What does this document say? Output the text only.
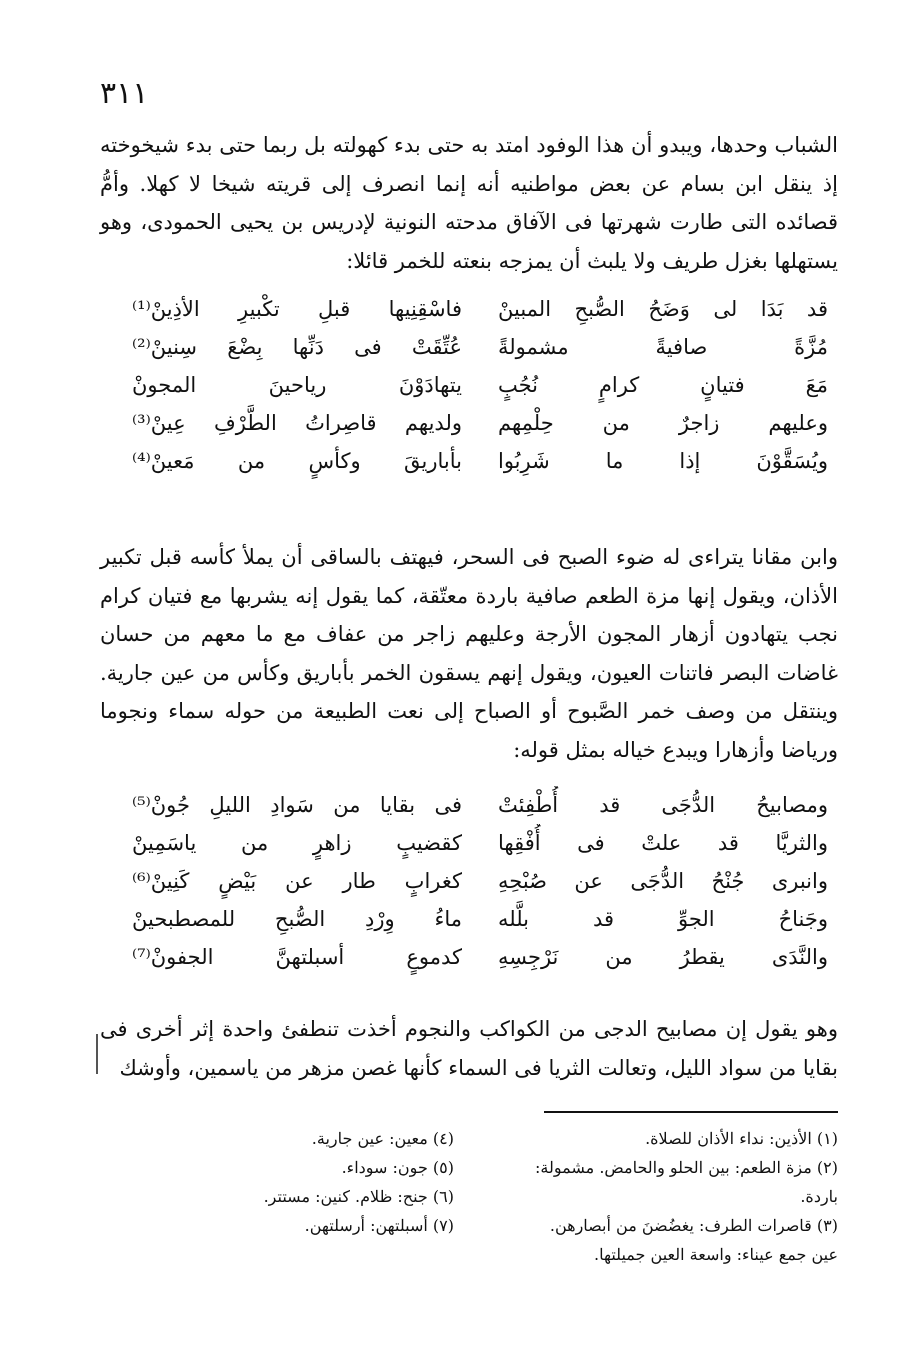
٣١١

الشباب وحدها، ويبدو أن هذا الوفود امتد به حتى بدء كهولته بل ربما حتى بدء شيخوخته إذ ينقل ابن بسام عن بعض مواطنيه أنه إنما انصرف إلى قريته شيخا لا كهلا. وأمُّ قصائده التى طارت شهرتها فى الآفاق مدحته النونية لإدريس بن يحيى الحمودى، وهو يستهلها بغزل طريف ولا يلبث أن يمزجه بنعته للخمر قائلا:

قد بَدَا لى وَضَحُ الصُّبحِ المبينْ
فاسْقِنِيها قبلِ تكْبيرِ الأذِينْ⁽¹⁾
مُزَّةً صافيةً مشمولةً
عُتِّقَتْ فى دَنِّها بِضْعَ سِنينْ⁽²⁾
مَعَ فتيانٍ كرامٍ نُجُبٍ
يتهادَوْنَ رياحينَ المجونْ
وعليهم زاجرٌ من حِلْمِهم
ولديهم قاصِراتُ الطَّرْفِ عِينْ⁽³⁾
ويُسَقَّوْنَ إذا ما شَرِبُوا
بأباريقَ وكأسٍ من مَعينْ⁽⁴⁾

وابن مقانا يتراءى له ضوء الصبح فى السحر، فيهتف بالساقى أن يملأ كأسه قبل تكبير الأذان، ويقول إنها مزة الطعم صافية باردة معتّقة، كما يقول إنه يشربها مع فتيان كرام نجب يتهادون أزهار المجون الأرجة وعليهم زاجر من عفاف مع ما معهم من حسان غاضات البصر فاتنات العيون، ويقول إنهم يسقون الخمر بأباريق وكأس من عين جارية. وينتقل من وصف خمر الصَّبوح أو الصباح إلى نعت الطبيعة من حوله سماء ونجوما ورياضا وأزهارا ويبدع خياله بمثل قوله:

ومصابيحُ الدُّجَى قد أُطْفِئتْ
فى بقايا من سَوادِ الليلِ جُونْ⁽⁵⁾
والثريَّا قد علتْ فى أُفْقِها
كقضيبٍ زاهرٍ من ياسَمِينْ
وانبرى جُنْحُ الدُّجَى عن صُبْحِهِ
كغرابٍ طار عن بَيْضٍ كَنِينْ⁽⁶⁾
وجَناحُ الجوِّ قد بلَّله
ماءُ وِرْدِ الصُّبحِ للمصطبحينْ
والنَّدَى يقطرُ من نَرْجِسِهِ
كدموعٍ أسبلتهنَّ الجفونْ⁽⁷⁾

وهو يقول إن مصابيح الدجى من الكواكب والنجوم أخذت تنطفئ واحدة إثر أخرى فى بقايا من سواد الليل، وتعالت الثريا فى السماء كأنها غصن مزهر من ياسمين، وأوشك

(١) الأذين: نداء الأذان للصلاة.
(٢) مزة الطعم: بين الحلو والحامض. مشمولة:
باردة.
(٣) قاصرات الطرف: يغضُضنَ من أبصارهن.
عين جمع عيناء: واسعة العين جميلتها.
(٤) معين: عين جارية.
(٥) جون: سوداء.
(٦) جنح: ظلام. كنين: مستتر.
(٧) أسبلتهن: أرسلتهن.
